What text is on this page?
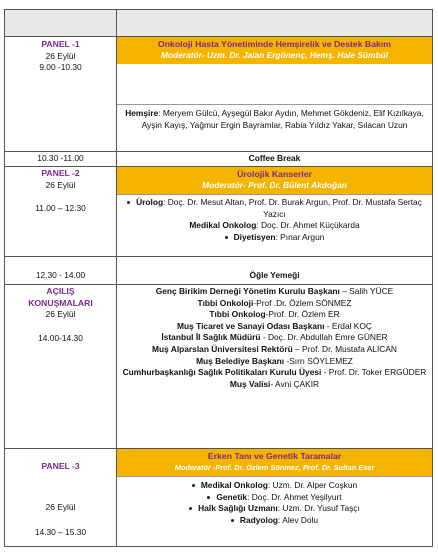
PANEL -1
26 Eylül
9.00 -10.30
Onkoloji Hasta Yönetiminde Hemşirelik ve Destek Bakım
Moderatör- Uzm. Dr. Jalan Ergönenç, Hemş. Hale Sümbül
Hemşire: Meryem Gülcü, Ayşegül Bakır Aydın, Mehmet Gökdeniz, Elif Kızılkaya, Ayşin Kayış, Yağmur Ergin Bayramlar, Rabia Yıldız Yakar, Sılacan Uzun
10.30 -11.00	Coffee Break
PANEL -2
26 Eylül
11.00 – 12.30
Ürolojik Kanserler
Moderatör- Prof. Dr. Bülent Akdoğan
Ürolog: Doç. Dr. Mesut Altan, Prof. Dr. Burak Argun, Prof. Dr. Mustafa Sertaç Yazıcı
Medikal Onkolog: Doç. Dr. Ahmet Küçükarda
Diyetisyen: Pınar Argun
12.30 - 14.00	Öğle Yemeği
AÇILIŞ
KONUŞMALARI
26 Eylül
14.00-14.30
Genç Birikim Derneği Yönetim Kurulu Başkanı – Salih YÜCE
Tıbbi Onkoloji-Prof .Dr. Özlem SÖNMEZ
Tıbbi Onkolog-Prof. Dr. Özlem ER
Muş Ticaret ve Sanayi Odası Başkanı - Erdal KOÇ
İstanbul İl Sağlık Müdürü - Doç. Dr. Abdullah Emre GÜNER
Muş Alparslan Üniversitesi Rektörü – Prof. Dr. Mustafa ALİCAN
Muş Belediye Başkanı -Sırrı SÖYLEMEZ
Cumhurbaşkanlığı Sağlık Politikaları Kurulu Üyesi - Prof. Dr. Toker ERGÜDER
Muş Valisi- Avni ÇAKIR
PANEL -3
26 Eylül
14.30 – 15.30
Erken Tanı ve Genetik Taramalar
Moderatör -Prof. Dr. Özlem Sönmez, Prof. Dr. Sultan Eser
Medikal Onkolog: Uzm. Dr. Alper Coşkun
Genetik: Doç. Dr. Ahmet Yeşilyurt
Halk Sağlığı Uzmanı: Uzm. Dr. Yusuf Taşçı
Radyolog: Alev Dolu
